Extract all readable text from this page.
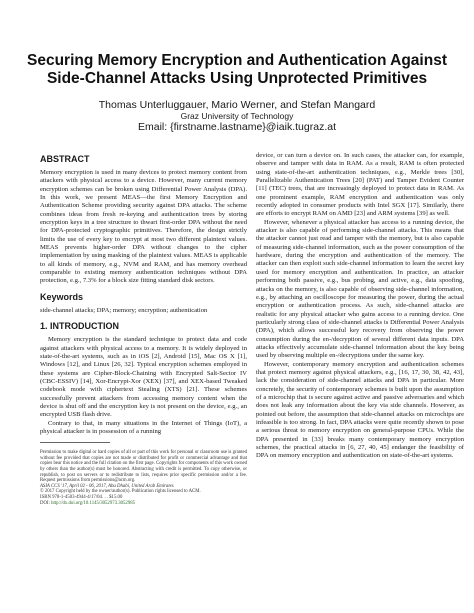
Securing Memory Encryption and Authentication Against
Side-Channel Attacks Using Unprotected Primitives
Thomas Unterluggauer, Mario Werner, and Stefan Mangard
Graz University of Technology
Email: {firstname.lastname}@iaik.tugraz.at
ABSTRACT

Memory encryption is used in many devices to protect memory content from attackers with physical access to a device. However, many current memory encryption schemes can be broken using Differential Power Analysis (DPA). In this work, we present MEAS—the first Memory Encryption and Authentication Scheme providing security against DPA attacks. The scheme combines ideas from fresh re-keying and authentication trees by storing encryption keys in a tree structure to thwart first-order DPA without the need for DPA-protected cryptographic primitives. Therefore, the design strictly limits the use of every key to encrypt at most two different plaintext values. MEAS prevents higher-order DPA without changes to the cipher implementation by using masking of the plaintext values. MEAS is applicable to all kinds of memory, e.g., NVM and RAM, and has memory overhead comparable to existing memory authentication techniques without DPA protection, e.g., 7.3% for a block size fitting standard disk sectors.

Keywords

side-channel attacks; DPA; memory; encryption; authentication

1. INTRODUCTION

Memory encryption is the standard technique to protect data and code against attackers with physical access to a memory. It is widely deployed in state-of-the-art systems, such as in iOS [2], Android [15], Mac OS X [1], Windows [12], and Linux [26, 32]. Typical encryption schemes employed in these systems are Cipher-Block-Chaining with Encrypted Salt-Sector IV (CBC-ESSIV) [14], Xor-Encrypt-Xor (XEX) [37], and XEX-based Tweaked codebook mode with ciphertext Stealing (XTS) [21]. These schemes successfully prevent attackers from accessing memory content when the device is shut off and the encryption key is not present on the device, e.g., an encrypted USB flash drive.

Contrary to that, in many situations in the Internet of Things (IoT), a physical attacker is in possession of a running

Permission to make digital or hard copies of all or part of this work for personal or classroom use is granted without fee provided that copies are not made or distributed for profit or commercial advantage and that copies bear this notice and the full citation on the first page. Copyrights for components of this work owned by others than the author(s) must be honored. Abstracting with credit is permitted. To copy otherwise, or republish, to post on servers or to redistribute to lists, requires prior specific permission and/or a fee. Request permissions from permissions@acm.org.
ASIA CCS '17, April 02 - 06, 2017, Abu Dhabi, United Arab Emirates
© 2017 Copyright held by the owner/author(s). Publication rights licensed to ACM.
ISBN 978-1-4503-4944-4/17/04. . . $15.00
DOI: http://dx.doi.org/10.1145/3052973.3052985

device, or can turn a device on. In such cases, the attacker can, for example, observe and tamper with data in RAM. As a result, RAM is often protected using state-of-the-art authentication techniques, e.g., Merkle trees [30], Parallelizable Authentication Trees [20] (PAT) and Tamper Evident Counter [11] (TEC) trees, that are increasingly deployed to protect data in RAM. As one prominent example, RAM encryption and authentication was only recently adopted in consumer products with Intel SGX [17]. Similarly, there are efforts to encrypt RAM on AMD [23] and ARM systems [39] as well.

However, whenever a physical attacker has access to a running device, the attacker is also capable of performing side-channel attacks. This means that the attacker cannot just read and tamper with the memory, but is also capable of measuring side-channel information, such as the power consumption of the hardware, during the encryption and authentication of the memory. The attacker can then exploit such side-channel information to learn the secret key used for memory encryption and authentication. In practice, an attacker performing both passive, e.g., bus probing, and active, e.g., data spoofing, attacks on the memory, is also capable of observing side-channel information, e.g., by attaching an oscilloscope for measuring the power, during the actual encryption or authentication process. As such, side-channel attacks are realistic for any physical attacker who gains access to a running device. One particularly strong class of side-channel attacks is Differential Power Analysis (DPA), which allows successful key recovery from observing the power consumption during the en-/decryption of several different data inputs. DPA attacks effectively accumulate side-channel information about the key being used by observing multiple en-/decryptions under the same key.

However, contemporary memory encryption and authentication schemes that protect memory against physical attackers, e.g., [16, 17, 30, 38, 42, 43], lack the consideration of side-channel attacks and DPA in particular. More concretely, the security of contemporary schemes is built upon the assumption of a microchip that is secure against active and passive adversaries and which does not leak any information about the key via side channels. However, as pointed out before, the assumption that side-channel attacks on microchips are infeasible is too strong. In fact, DPA attacks were quite recently shown to pose a serious threat to memory encryption on general-purpose CPUs. While the DPA presented in [33] breaks many contemporary memory encryption schemes, the practical attacks in [6, 27, 40, 45] endanger the feasibility of DPA on memory encryption and authentication on state-of-the-art systems.
